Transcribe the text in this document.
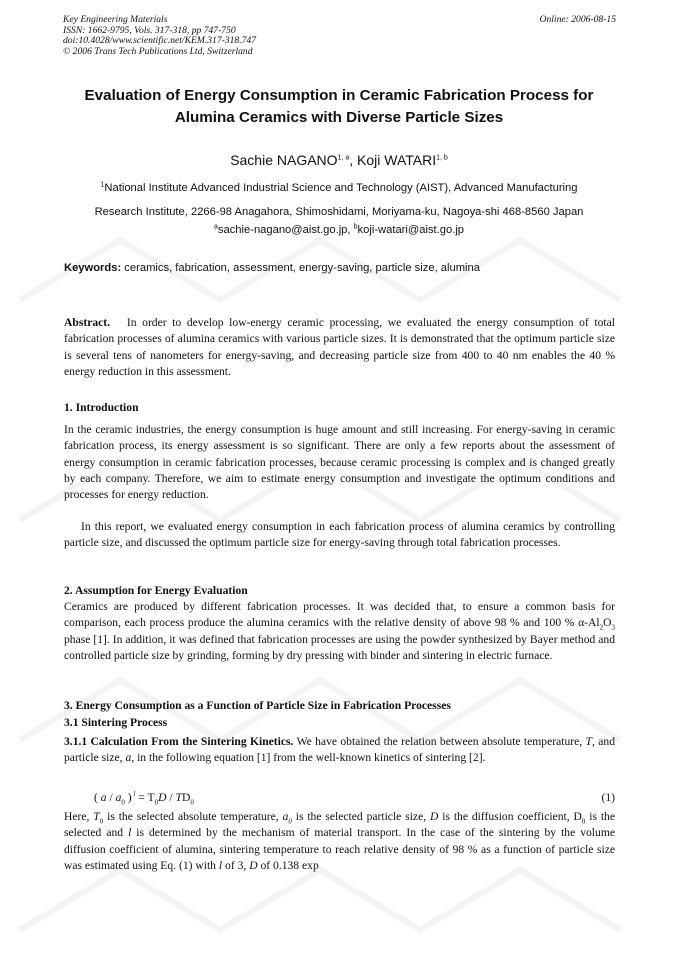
Key Engineering Materials
ISSN: 1662-9795, Vols. 317-318, pp 747-750
doi:10.4028/www.scientific.net/KEM.317-318.747
© 2006 Trans Tech Publications Ltd, Switzerland
Online: 2006-08-15
Evaluation of Energy Consumption in Ceramic Fabrication Process for
Alumina Ceramics with Diverse Particle Sizes
Sachie NAGANO$^{1, a}$, Koji WATARI$^{1, b}$
$^1$National Institute Advanced Industrial Science and Technology (AIST), Advanced Manufacturing
Research Institute, 2266-98 Anagahora, Shimoshidami, Moriyama-ku, Nagoya-shi 468-8560 Japan
$^a$sachie-nagano@aist.go.jp, $^b$koji-watari@aist.go.jp
Keywords: ceramics, fabrication, assessment, energy-saving, particle size, alumina
Abstract. In order to develop low-energy ceramic processing, we evaluated the energy consumption of total fabrication processes of alumina ceramics with various particle sizes. It is demonstrated that the optimum particle size is several tens of nanometers for energy-saving, and decreasing particle size from 400 to 40 nm enables the 40 % energy reduction in this assessment.
1. Introduction
In the ceramic industries, the energy consumption is huge amount and still increasing. For energy-saving in ceramic fabrication process, its energy assessment is so significant. There are only a few reports about the assessment of energy consumption in ceramic fabrication processes, because ceramic processing is complex and is changed greatly by each company. Therefore, we aim to estimate energy consumption and investigate the optimum conditions and processes for energy reduction.
In this report, we evaluated energy consumption in each fabrication process of alumina ceramics by controlling particle size, and discussed the optimum particle size for energy-saving through total fabrication processes.
2. Assumption for Energy Evaluation
Ceramics are produced by different fabrication processes. It was decided that, to ensure a common basis for comparison, each process produce the alumina ceramics with the relative density of above 98 % and 100 % $\alpha-Al_2O_3$ phase [1]. In addition, it was defined that fabrication processes are using the powder synthesized by Bayer method and controlled particle size by grinding, forming by dry pressing with binder and sintering in electric furnace.
3. Energy Consumption as a Function of Particle Size in Fabrication Processes
3.1 Sintering Process
3.1.1 Calculation From the Sintering Kinetics. We have obtained the relation between absolute temperature, T, and particle size, a, in the following equation [1] from the well-known kinetics of sintering [2].
( a / $a_0$ ) $^l = T_0D / TD_0$	(1)
Here, $T_0$ is the selected absolute temperature, $a_0$ is the selected particle size, D is the diffusion coefficient, $D_0$ is the selected and l is determined by the mechanism of material transport. In the case of the sintering by the volume diffusion coefficient of alumina, sintering temperature to reach relative density of 98 % as a function of particle size was estimated using Eq. (1) with l of 3, D of 0.138 exp
